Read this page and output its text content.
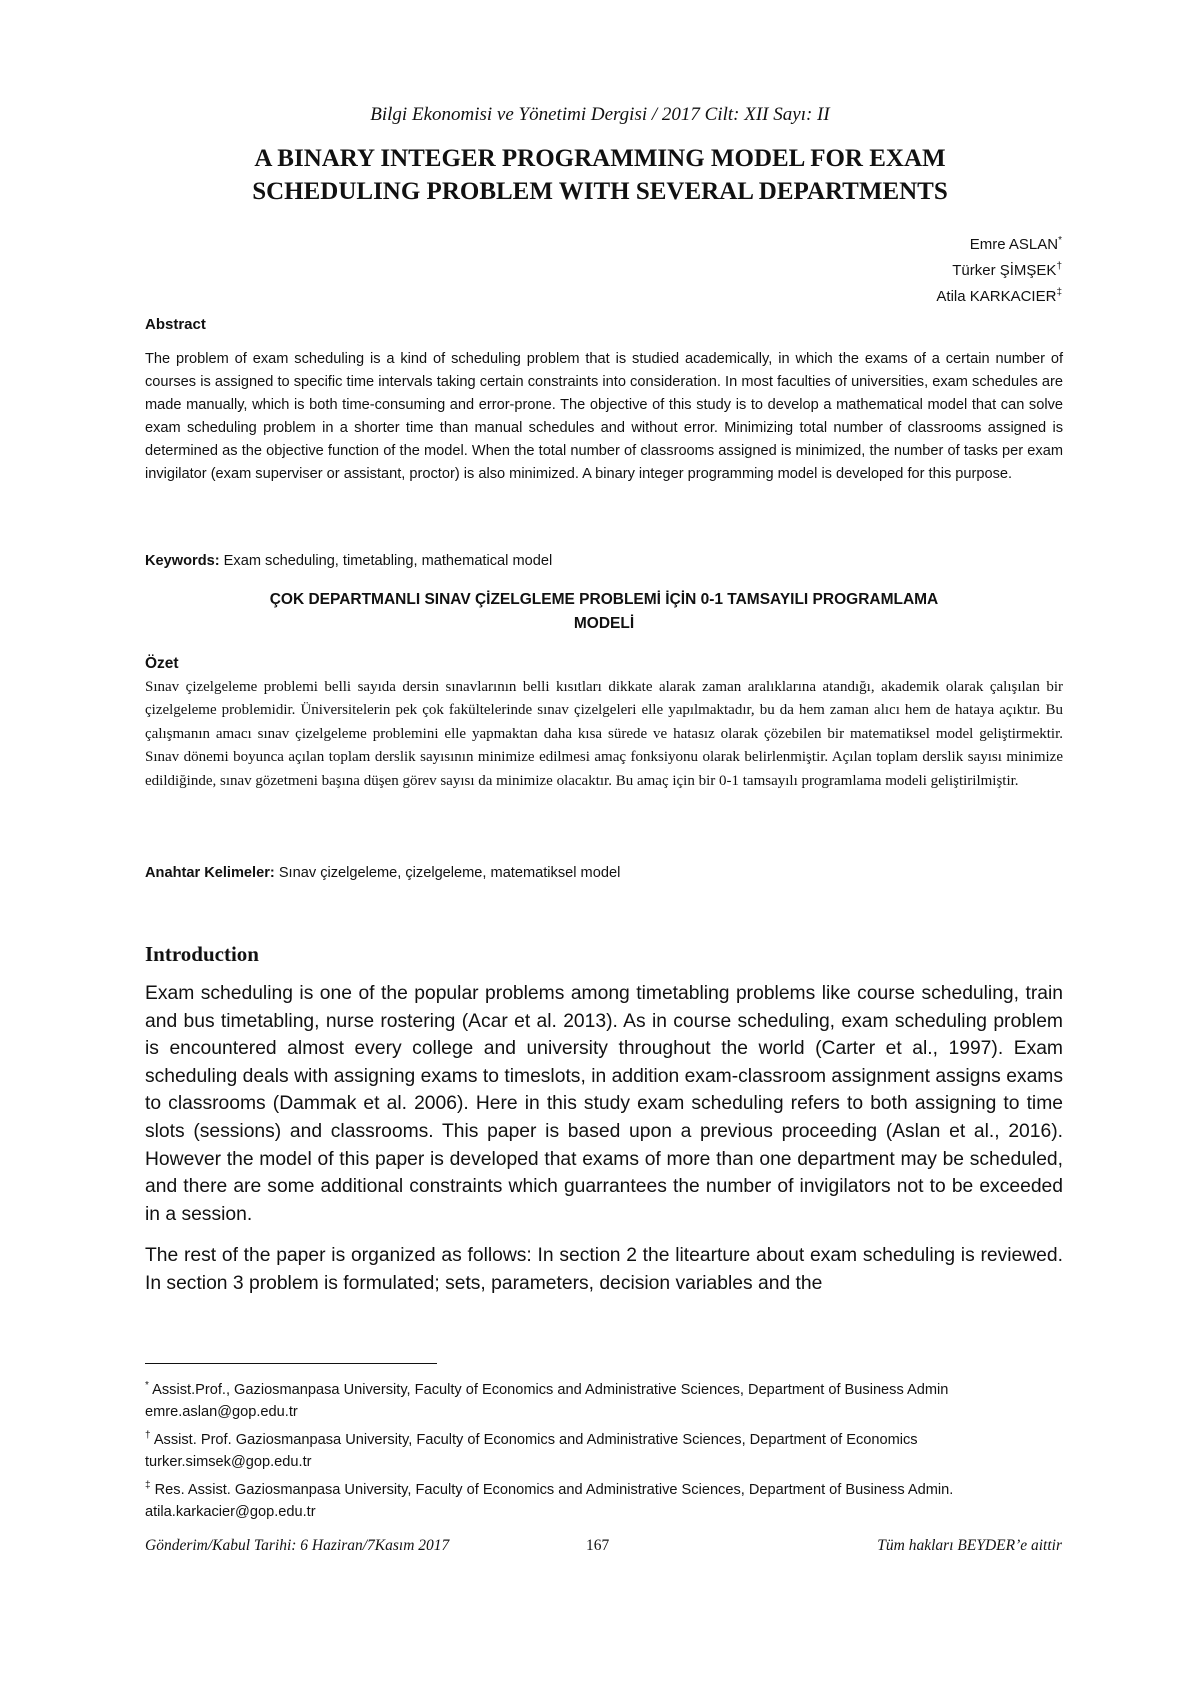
Bilgi Ekonomisi ve Yönetimi Dergisi / 2017 Cilt: XII Sayı: II
A BINARY INTEGER PROGRAMMING MODEL FOR EXAM
SCHEDULING PROBLEM WITH SEVERAL DEPARTMENTS
Emre ASLAN*
Türker ŞİMŞEK†
Atila KARKACIER‡
Abstract
The problem of exam scheduling is a kind of scheduling problem that is studied academically, in which the exams of a certain number of courses is assigned to specific time intervals taking certain constraints into consideration. In most faculties of universities, exam schedules are made manually, which is both time-consuming and error-prone. The objective of this study is to develop a mathematical model that can solve exam scheduling problem in a shorter time than manual schedules and without error. Minimizing total number of classrooms assigned is determined as the objective function of the model. When the total number of classrooms assigned is minimized, the number of tasks per exam invigilator (exam superviser or assistant, proctor) is also minimized. A binary integer programming model is developed for this purpose.
Keywords: Exam scheduling, timetabling, mathematical model
ÇOK DEPARTMANLI SINAV ÇİZELGLEME PROBLEMİ İÇİN 0-1 TAMSAYILI PROGRAMLAMA
MODELİ
Özet
Sınav çizelgeleme problemi belli sayıda dersin sınavlarının belli kısıtları dikkate alarak zaman aralıklarına atandığı, akademik olarak çalışılan bir çizelgeleme problemidir. Üniversitelerin pek çok fakültelerinde sınav çizelgeleri elle yapılmaktadır, bu da hem zaman alıcı hem de hataya açıktır. Bu çalışmanın amacı sınav çizelgeleme problemini elle yapmaktan daha kısa sürede ve hatasız olarak çözebilen bir matematiksel model geliştirmektir. Sınav dönemi boyunca açılan toplam derslik sayısının minimize edilmesi amaç fonksiyonu olarak belirlenmiştir. Açılan toplam derslik sayısı minimize edildiğinde, sınav gözetmeni başına düşen görev sayısı da minimize olacaktır. Bu amaç için bir 0-1 tamsayılı programlama modeli geliştirilmiştir.
Anahtar Kelimeler: Sınav çizelgeleme, çizelgeleme, matematiksel model
Introduction

Exam scheduling is one of the popular problems among timetabling problems like course scheduling, train and bus timetabling, nurse rostering (Acar et al. 2013). As in course scheduling, exam scheduling problem is encountered almost every college and university throughout the world (Carter et al., 1997). Exam scheduling deals with assigning exams to timeslots, in addition exam-classroom assignment assigns exams to classrooms (Dammak et al. 2006). Here in this study exam scheduling refers to both assigning to time slots (sessions) and classrooms. This paper is based upon a previous proceeding (Aslan et al., 2016). However the model of this paper is developed that exams of more than one department may be scheduled, and there are some additional constraints which guarrantees the number of invigilators not to be exceeded in a session.

The rest of the paper is organized as follows: In section 2 the litearture about exam scheduling is reviewed. In section 3 problem is formulated; sets, parameters, decision variables and the

* Assist.Prof., Gaziosmanpasa University, Faculty of Economics and Administrative Sciences, Department of Business Admin emre.aslan@gop.edu.tr
† Assist. Prof. Gaziosmanpasa University, Faculty of Economics and Administrative Sciences, Department of Economics turker.simsek@gop.edu.tr
‡ Res. Assist. Gaziosmanpasa University, Faculty of Economics and Administrative Sciences, Department of Business Admin. atila.karkacier@gop.edu.tr
Gönderim/Kabul Tarihi: 6 Haziran/7Kasım 2017	167	Tüm hakları BEYDER’e aittir
